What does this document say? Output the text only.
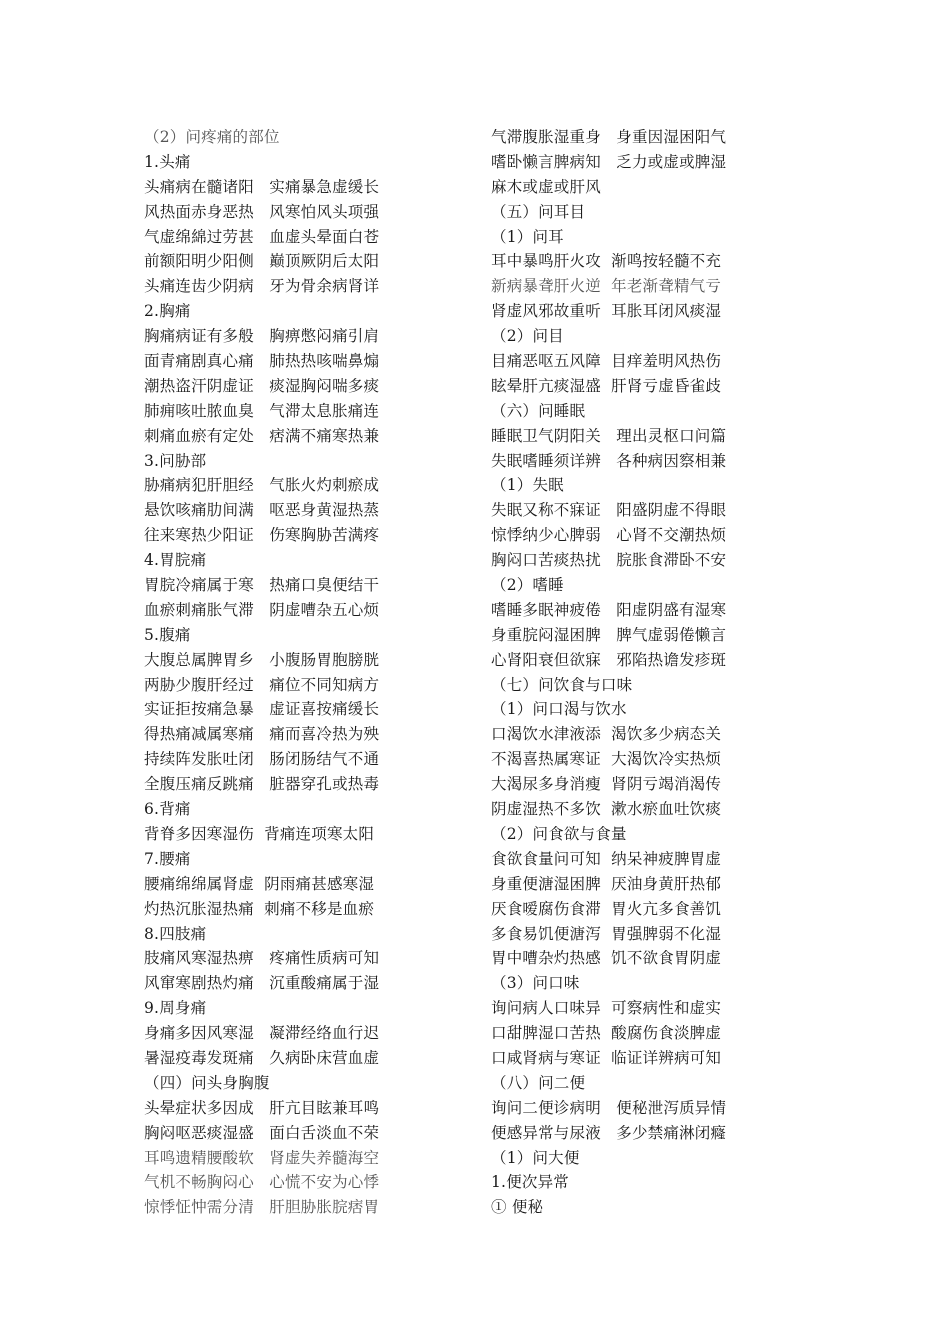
（2）问疼痛的部位
1.头痛
头痛病在髓诸阳   实痛暴急虚缓长
风热面赤身恶热   风寒怕风头项强
气虚绵綿过劳甚   血虚头晕面白苍
前额阳明少阳侧   巅顶厥阴后太阳
头痛连齿少阴病   牙为骨余病肾详
2.胸痛
胸痛病证有多般   胸痹憋闷痛引肩
面青痛剧真心痛   肺热热咳喘鼻煽
潮热盗汗阴虚证   痰湿胸闷喘多痰
肺痈咳吐脓血臭   气滞太息胀痛连
刺痛血瘀有定处   痞满不痛寒热兼
3.问胁部
胁痛病犯肝胆经   气胀火灼刺瘀成
悬饮咳痛肋间满   呕恶身黄湿热蒸
往来寒热少阳证   伤寒胸胁苦满疼
4.胃脘痛
胃脘冷痛属于寒   热痛口臭便结干
血瘀刺痛胀气滞   阴虚嘈杂五心烦
5.腹痛
大腹总属脾胃乡   小腹肠胃胞膀胱
两胁少腹肝经过   痛位不同知病方
实证拒按痛急暴   虚证喜按痛缓长
得热痛减属寒痛   痛而喜冷热为殃
持续阵发胀吐闭   肠闭肠结气不通
全腹压痛反跳痛   脏器穿孔或热毒
6.背痛
背脊多因寒湿伤  背痛连项寒太阳
7.腰痛
腰痛绵绵属肾虚  阴雨痛甚感寒湿
灼热沉胀湿热痛  刺痛不移是血瘀
8.四肢痛
肢痛风寒湿热痹   疼痛性质病可知
风窜寒剧热灼痛   沉重酸痛属于湿
9.周身痛
身痛多因风寒湿   凝滞经络血行迟
暑湿疫毒发斑痛   久病卧床营血虚
（四）问头身胸腹
头晕症状多因成   肝亢目眩兼耳鸣
胸闷呕恶痰湿盛   面白舌淡血不荣
耳鸣遗精腰酸软   肾虚失养髓海空
气机不畅胸闷心   心慌不安为心悸
惊悸怔忡需分清   肝胆胁胀脘痞胃
气滞腹胀湿重身   身重因湿困阳气
嗜卧懒言脾病知   乏力或虚或脾湿
麻木或虚或肝风
（五）问耳目
（1）问耳
耳中暴鸣肝火攻  渐鸣按轻髓不充
新病暴聋肝火逆  年老渐聋精气亏
肾虚风邪故重听  耳胀耳闭风痰湿
（2）问目
目痛恶呕五风障  目痒羞明风热伤
眩晕肝亢痰湿盛  肝肾亏虚昏雀歧
（六）问睡眠
睡眠卫气阴阳关   理出灵枢口问篇
失眠嗜睡须详辨   各种病因察相兼
（1）失眠
失眠又称不寐证   阳盛阴虚不得眼
惊悸纳少心脾弱   心肾不交潮热烦
胸闷口苦痰热扰   脘胀食滞卧不安
（2）嗜睡
嗜睡多眠神疲倦   阳虚阴盛有湿寒
身重脘闷湿困脾   脾气虚弱倦懒言
心肾阳衰但欲寐   邪陷热谵发疹斑
（七）问饮食与口味
（1）问口渴与饮水
口渴饮水津液添  渴饮多少病态关
不渴喜热属寒证  大渴饮冷实热烦
大渴尿多身消瘦  肾阴亏竭消渴传
阴虚湿热不多饮  漱水瘀血吐饮痰
（2）问食欲与食量
食欲食量问可知  纳呆神疲脾胃虚
身重便溏湿困脾  厌油身黄肝热郁
厌食嗳腐伤食滞  胃火亢多食善饥
多食易饥便溏泻  胃强脾弱不化湿
胃中嘈杂灼热感  饥不欲食胃阴虚
（3）问口味
询问病人口味异  可察病性和虚实
口甜脾湿口苦热  酸腐伤食淡脾虚
口咸肾病与寒证  临证详辨病可知
（八）问二便
询问二便诊病明   便秘泄泻质异情
便感异常与尿液   多少禁痛淋闭癃
（1）问大便
1.便次异常
① 便秘
